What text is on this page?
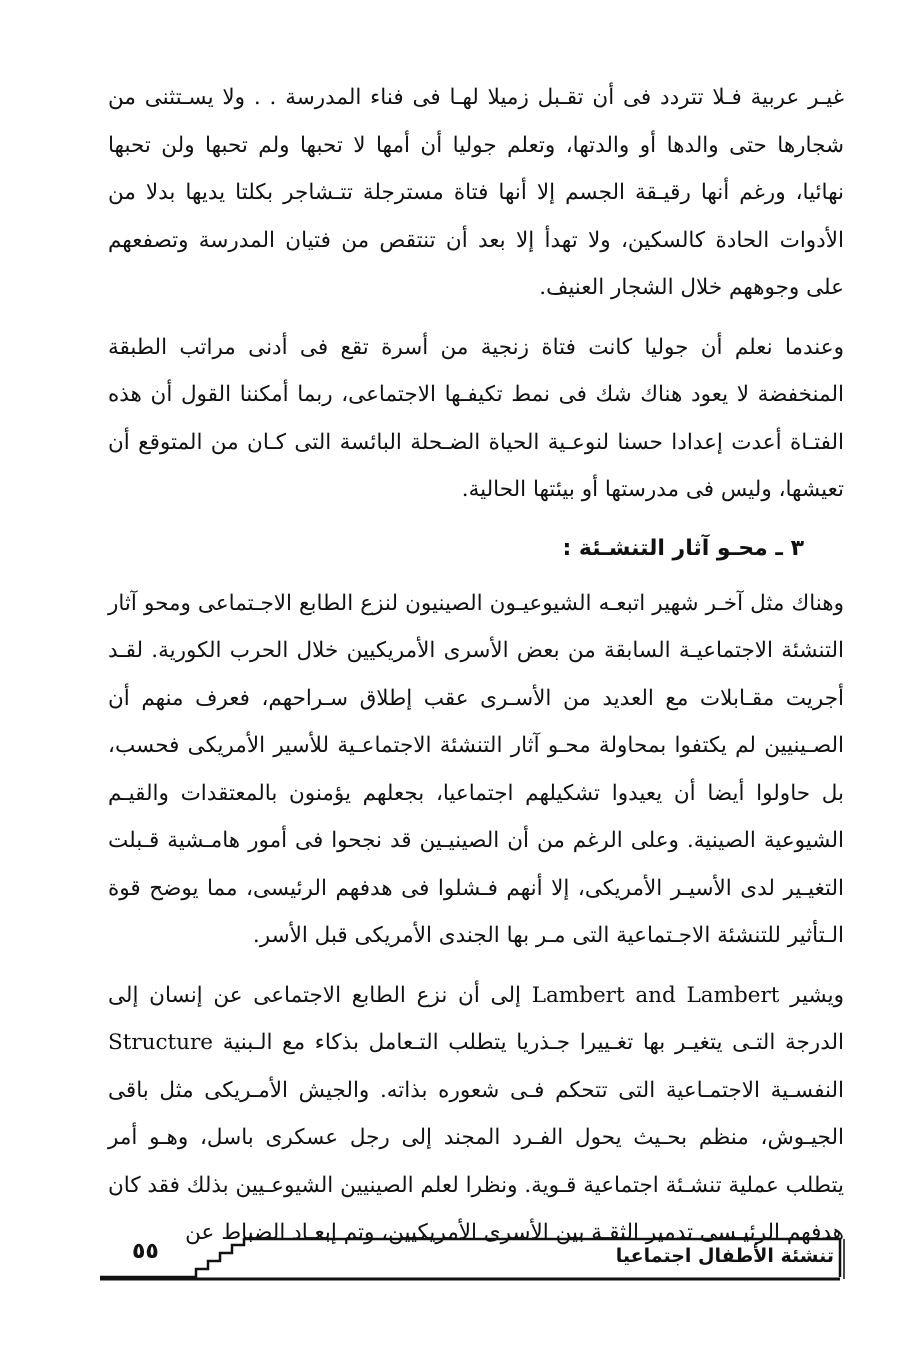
غيـر عربية فـلا تتردد فى أن تقـبل زميلا لهـا فى فناء المدرسة . . ولا يسـتثنى من شجارها حتى والدها أو والدتها، وتعلم جوليا أن أمها لا تحبها ولم تحبها ولن تحبها نهائيا، ورغم أنها رقيـقة الجسم إلا أنها فتاة مسترجلة تتـشاجر بكلتا يديها بدلا من الأدوات الحادة كالسكين، ولا تهدأ إلا بعد أن تنتقص من فتيان المدرسة وتصفعهم على وجوههم خلال الشجار العنيف.

وعندما نعلم أن جوليا كانت فتاة زنجية من أسرة تقع فى أدنى مراتب الطبقة المنخفضة لا يعود هناك شك فى نمط تكيفـها الاجتماعى، ربما أمكننا القول أن هذه الفتـاة أعدت إعدادا حسنا لنوعـية الحياة الضـحلة البائسة التى كـان من المتوقع أن تعيشها، وليس فى مدرستها أو بيئتها الحالية.

٣ ـ محـو آثار التنشـئة :

وهناك مثل آخـر شهير اتبعـه الشيوعيـون الصينيون لنزع الطابع الاجـتماعى ومحو آثار التنشئة الاجتماعيـة السابقة من بعض الأسرى الأمريكيين خلال الحرب الكورية. لقـد أجريت مقـابلات مع العديد من الأسـرى عقب إطلاق سـراحهم، فعرف منهم أن الصـينيين لم يكتفوا بمحاولة محـو آثار التنشئة الاجتماعـية للأسير الأمريكى فحسب، بل حاولوا أيضا أن يعيدوا تشكيلهم اجتماعيا، بجعلهم يؤمنون بالمعتقدات والقيـم الشيوعية الصينية. وعلى الرغم من أن الصينيـين قد نجحوا فى أمور هامـشية قـبلت التغيـير لدى الأسيـر الأمريكى، إلا أنهم فـشلوا فى هدفهم الرئيسى، مما يوضح قوة الـتأثير للتنشئة الاجـتماعية التى مـر بها الجندى الأمريكى قبل الأسر.

ويشير Lambert and Lambert إلى أن نزع الطابع الاجتماعى عن إنسان إلى الدرجة التـى يتغيـر بها تغـييرا جـذريا يتطلب التـعامل بذكاء مع الـبنية Structure النفسـية الاجتمـاعية التى تتحكم فـى شعوره بذاته. والجيش الأمـريكى مثل باقى الجيـوش، منظم بحـيث يحول الفـرد المجند إلى رجل عسكرى باسل، وهـو أمر يتطلب عملية تنشـئة اجتماعية قـوية. ونظرا لعلم الصينيين الشيوعـيين بذلك فقد كان هدفهم الرئيـسى تدمير الثقـة بين الأسرى الأمريكيين، وتم إبعـاد الضباط عن

٥٥	تنشئة الأطفال اجتماعيا
